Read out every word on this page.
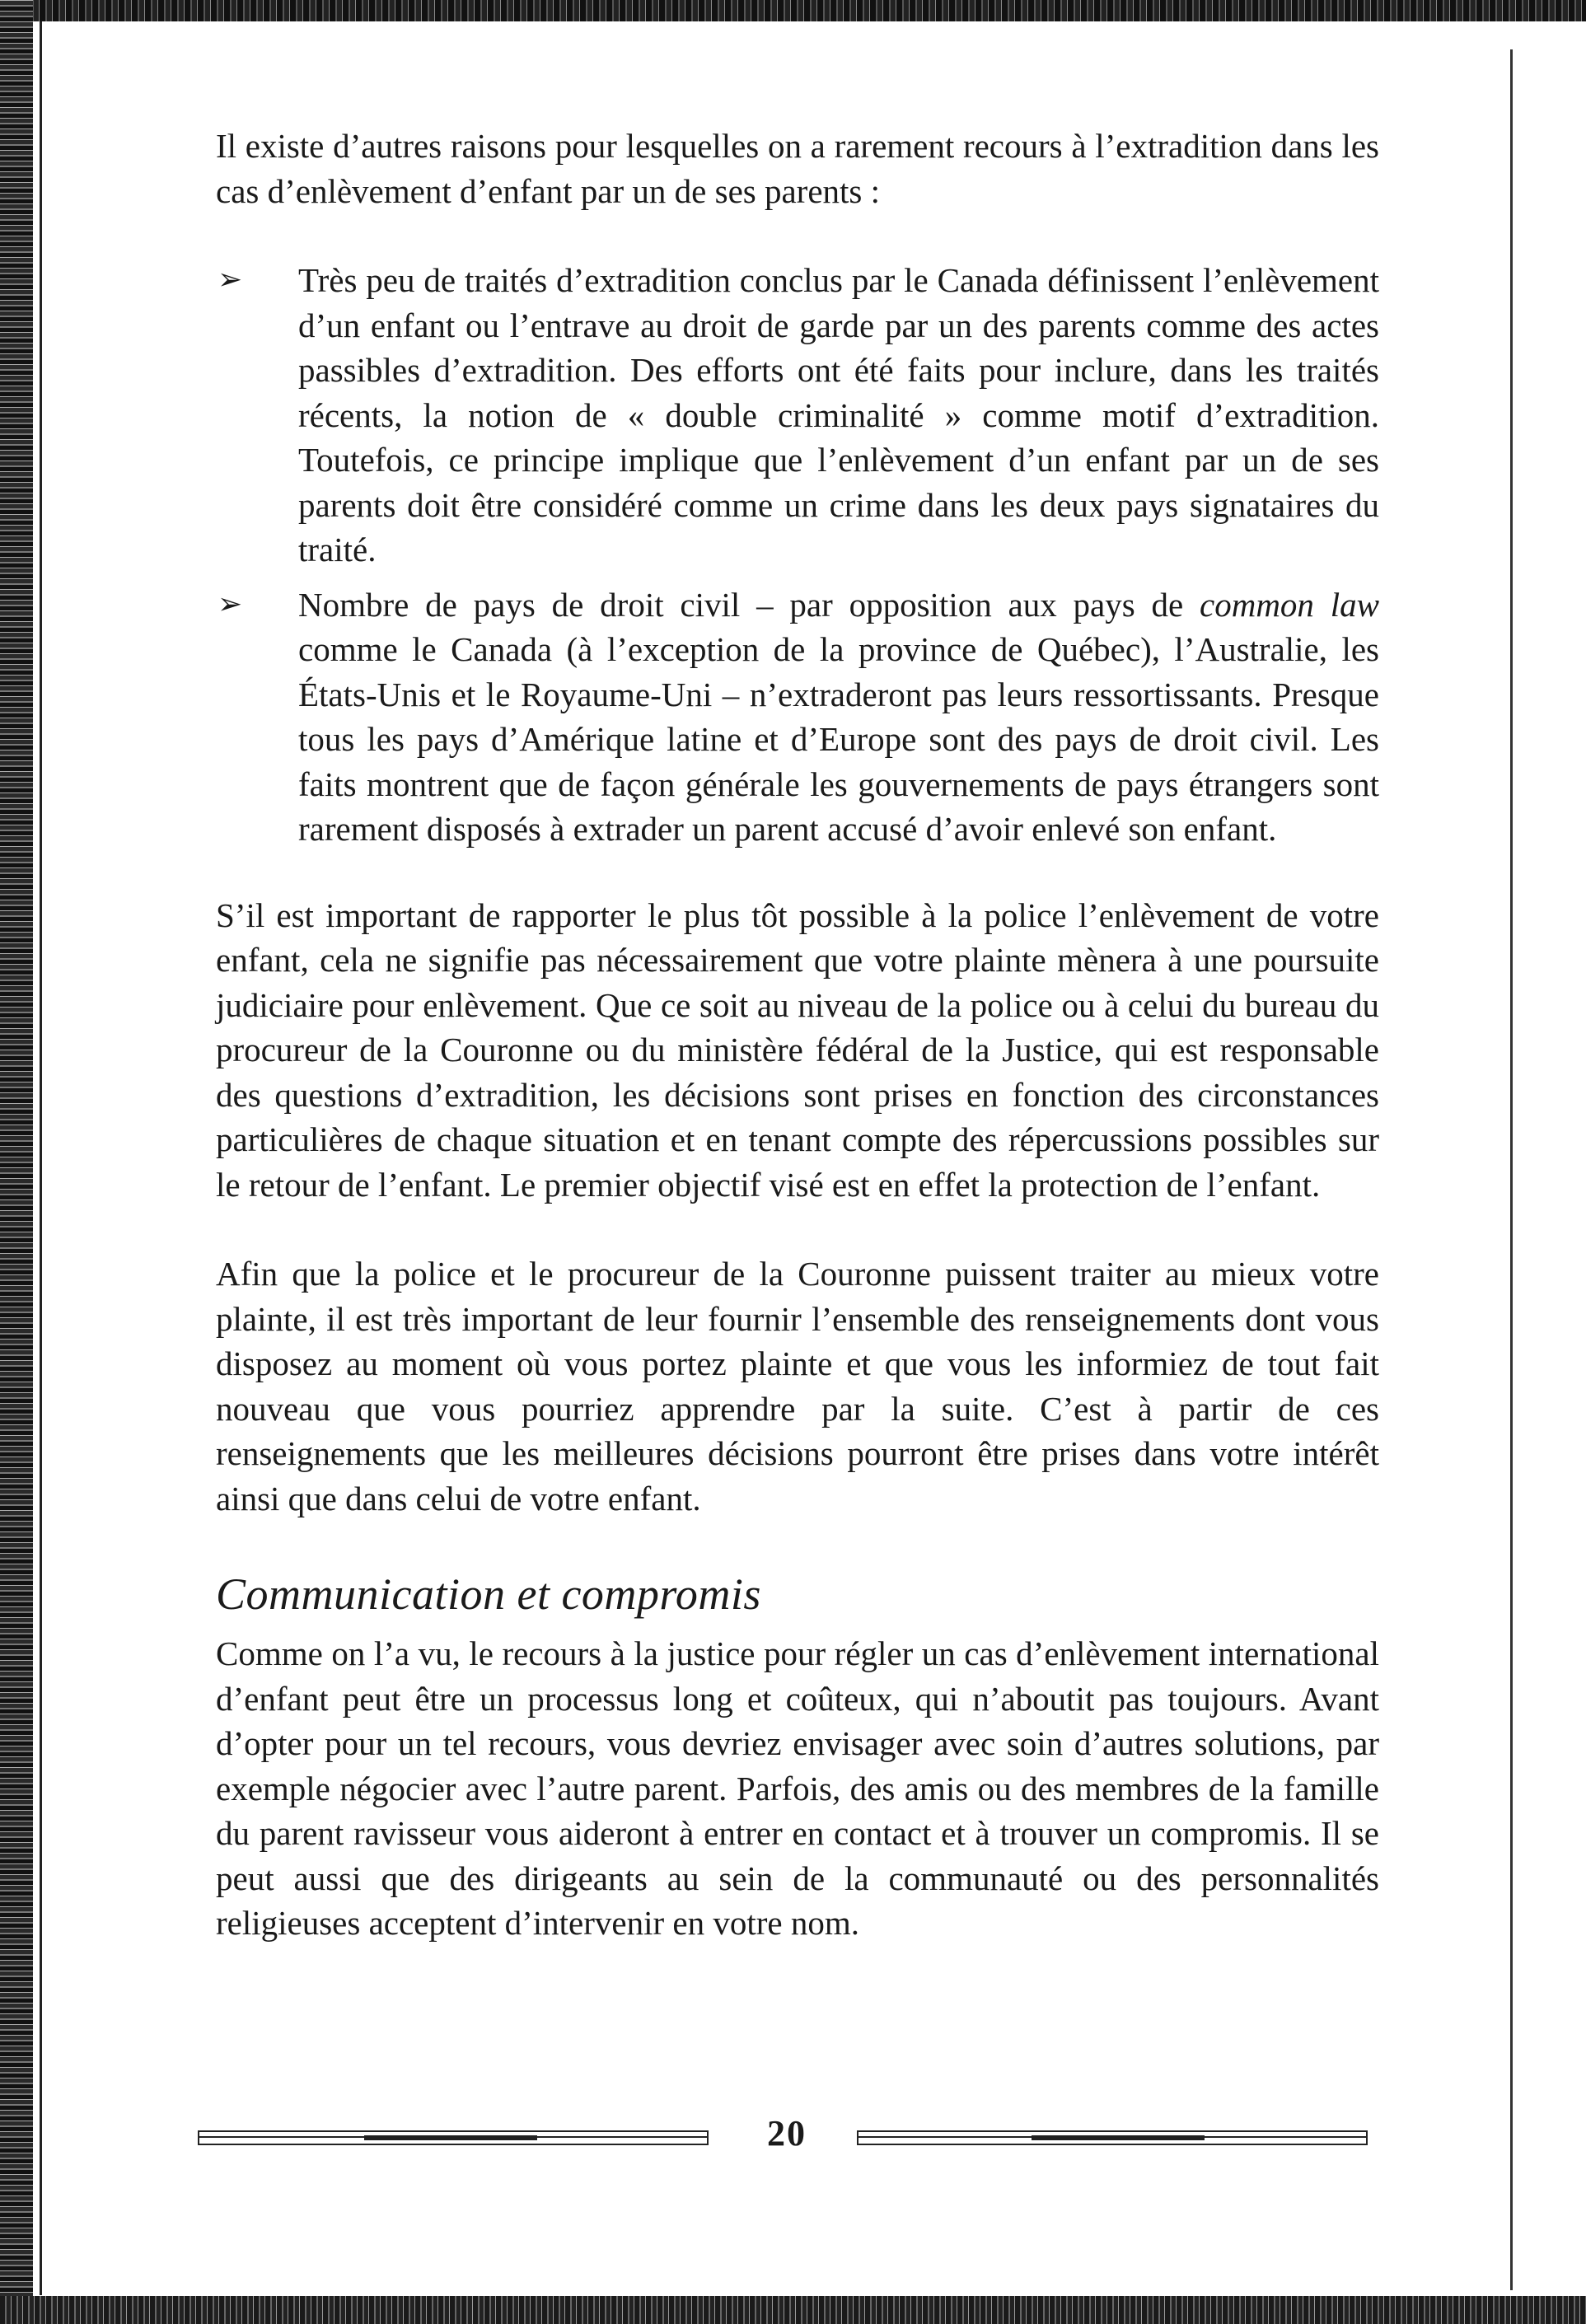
Il existe d’autres raisons pour lesquelles on a rarement recours à l’extradition dans les cas d’enlèvement d’enfant par un de ses parents :

➢ Très peu de traités d’extradition conclus par le Canada définissent l’enlèvement d’un enfant ou l’entrave au droit de garde par un des parents comme des actes passibles d’extradition. Des efforts ont été faits pour inclure, dans les traités récents, la notion de « double criminalité » comme motif d’extradition. Toutefois, ce principe implique que l’enlèvement d’un enfant par un de ses parents doit être considéré comme un crime dans les deux pays signataires du traité.
➢ Nombre de pays de droit civil – par opposition aux pays de common law comme le Canada (à l’exception de la province de Québec), l’Australie, les États-Unis et le Royaume-Uni – n’extraderont pas leurs ressortissants. Presque tous les pays d’Amérique latine et d’Europe sont des pays de droit civil. Les faits montrent que de façon générale les gouvernements de pays étrangers sont rarement disposés à extrader un parent accusé d’avoir enlevé son enfant.

S’il est important de rapporter le plus tôt possible à la police l’enlèvement de votre enfant, cela ne signifie pas nécessairement que votre plainte mènera à une poursuite judiciaire pour enlèvement. Que ce soit au niveau de la police ou à celui du bureau du procureur de la Couronne ou du ministère fédéral de la Justice, qui est responsable des questions d’extradition, les décisions sont prises en fonction des circonstances particulières de chaque situation et en tenant compte des répercussions possibles sur le retour de l’enfant. Le premier objectif visé est en effet la protection de l’enfant.

Afin que la police et le procureur de la Couronne puissent traiter au mieux votre plainte, il est très important de leur fournir l’ensemble des renseignements dont vous disposez au moment où vous portez plainte et que vous les informiez de tout fait nouveau que vous pourriez apprendre par la suite. C’est à partir de ces renseignements que les meilleures décisions pourront être prises dans votre intérêt ainsi que dans celui de votre enfant.

Communication et compromis

Comme on l’a vu, le recours à la justice pour régler un cas d’enlèvement international d’enfant peut être un processus long et coûteux, qui n’aboutit pas toujours. Avant d’opter pour un tel recours, vous devriez envisager avec soin d’autres solutions, par exemple négocier avec l’autre parent. Parfois, des amis ou des membres de la famille du parent ravisseur vous aideront à entrer en contact et à trouver un compromis. Il se peut aussi que des dirigeants au sein de la communauté ou des personnalités religieuses acceptent d’intervenir en votre nom.

20
